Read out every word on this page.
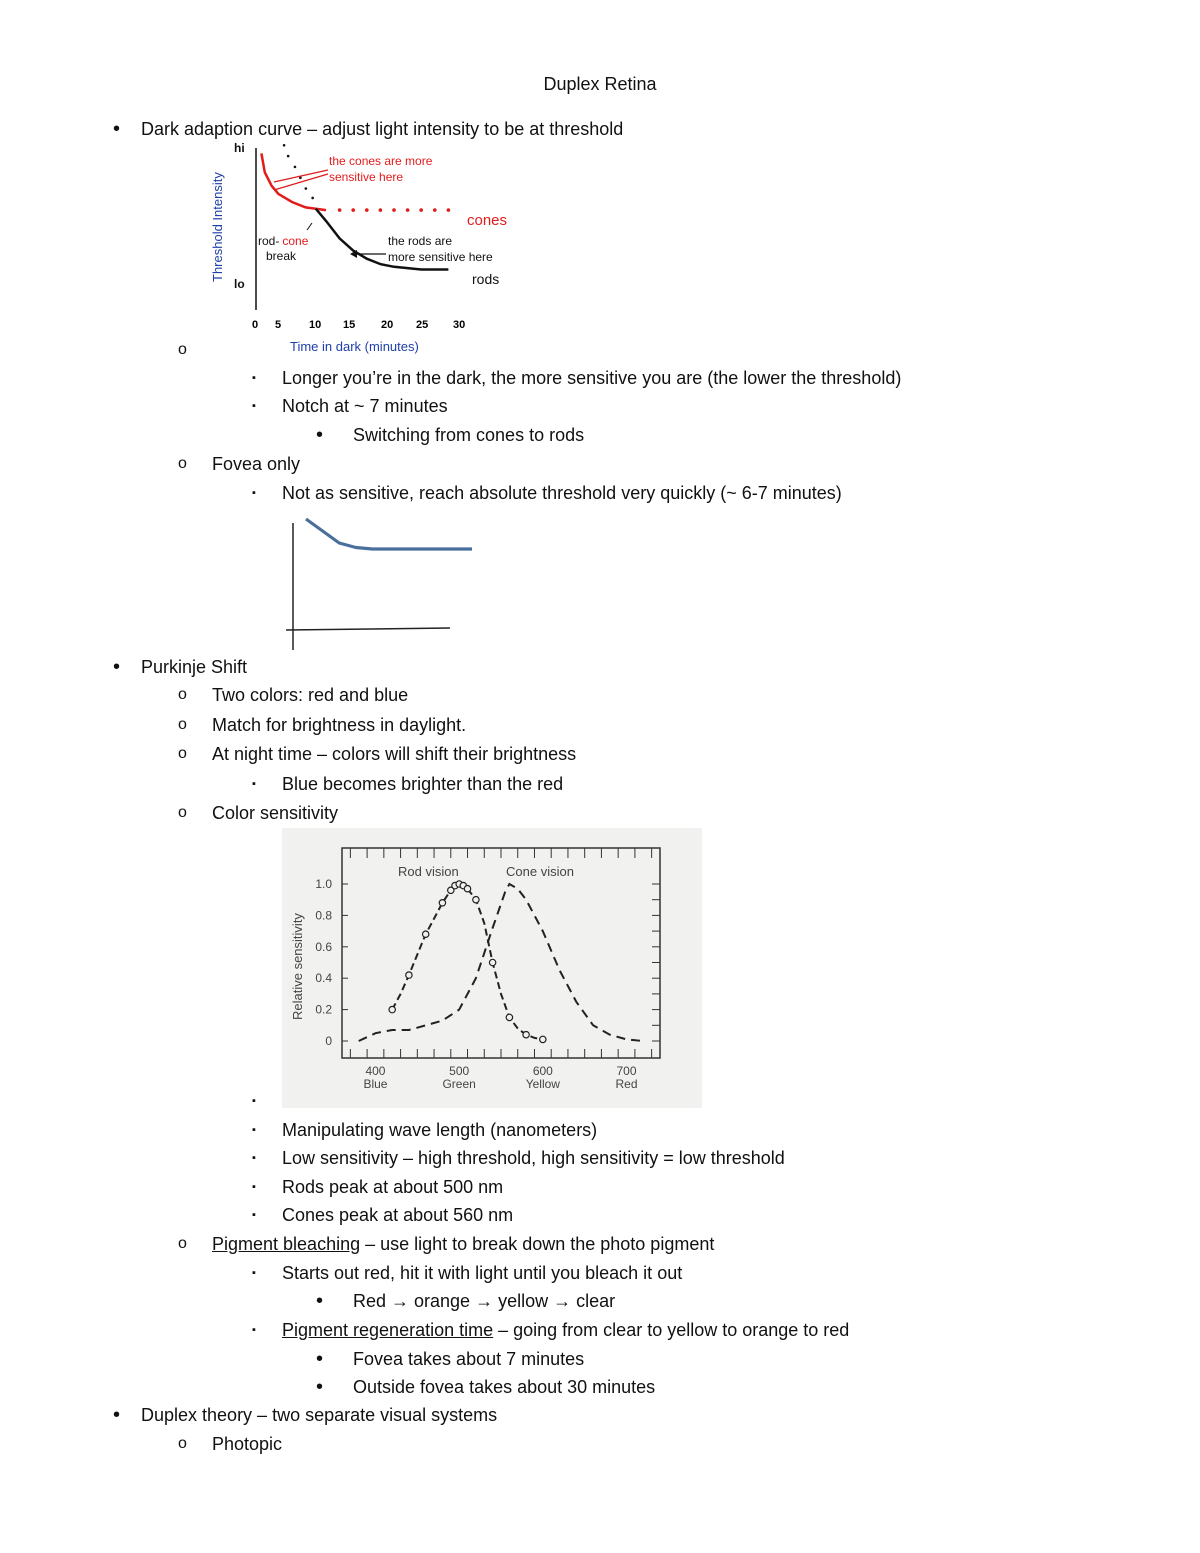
Duplex Retina
• Dark adaption curve – adjust light intensity to be at threshold
Threshold Intensity
hi
lo
0 5	10 15 20 25 30
Time in dark (minutes)
the cones are more
sensitive here
cones
rod- cone
break
the rods are
more sensitive here
rods
o
▪ Longer you’re in the dark, the more sensitive you are (the lower the threshold)
▪ Notch at ~ 7 minutes
• Switching from cones to rods
o Fovea only
▪ Not as sensitive, reach absolute threshold very quickly (~ 6-7 minutes)
• Purkinje Shift
o Two colors: red and blue
o Match for brightness in daylight.
o At night time – colors will shift their brightness
▪ Blue becomes brighter than the red
o Color sensitivity
0
0.2
0.4
0.6
0.8
1.0
400
Blue
500
Green
600
Yellow
700
Red
Relative sensitivity
Rod vision	Cone vision
▪
▪ Manipulating wave length (nanometers)
▪ Low sensitivity – high threshold, high sensitivity = low threshold
▪ Rods peak at about 500 nm
▪ Cones peak at about 560 nm
o Pigment bleaching – use light to break down the photo pigment
▪ Starts out red, hit it with light until you bleach it out
• Red → orange → yellow → clear
▪ Pigment regeneration time – going from clear to yellow to orange to red
• Fovea takes about 7 minutes
• Outside fovea takes about 30 minutes
• Duplex theory – two separate visual systems
o Photopic
